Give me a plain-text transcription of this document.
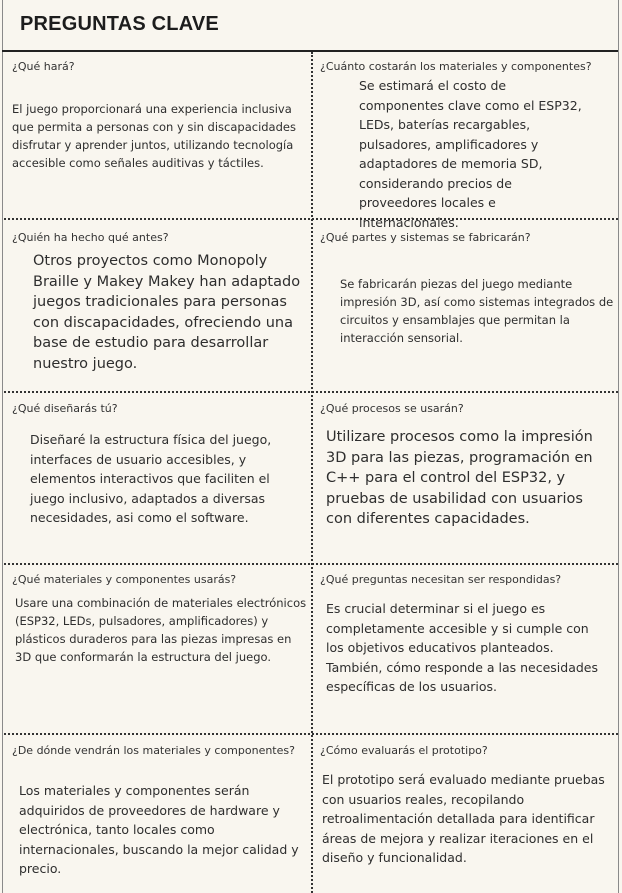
PREGUNTAS CLAVE

¿Qué hará?

El juego proporcionará una experiencia inclusiva que permita a personas con y sin discapacidades disfrutar y aprender juntos, utilizando tecnología accesible como señales auditivas y táctiles.

¿Cuánto costarán los materiales y componentes?

Se estimará el costo de componentes clave como el ESP32, LEDs, baterías recargables, pulsadores, amplificadores y adaptadores de memoria SD, considerando precios de proveedores locales e internacionales.

¿Quién ha hecho qué antes?

Otros proyectos como Monopoly Braille y Makey Makey han adaptado juegos tradicionales para personas con discapacidades, ofreciendo una base de estudio para desarrollar nuestro juego.

¿Qué partes y sistemas se fabricarán?

Se fabricarán piezas del juego mediante impresión 3D, así como sistemas integrados de circuitos y ensamblajes que permitan la interacción sensorial.

¿Qué diseñarás tú?

Diseñaré la estructura física del juego, interfaces de usuario accesibles, y elementos interactivos que faciliten el juego inclusivo, adaptados a diversas necesidades, asi como el software.

¿Qué procesos se usarán?

Utilizare procesos como la impresión 3D para las piezas, programación en C++ para el control del ESP32, y pruebas de usabilidad con usuarios con diferentes capacidades.

¿Qué materiales y componentes usarás?

Usare una combinación de materiales electrónicos (ESP32, LEDs, pulsadores, amplificadores) y plásticos duraderos para las piezas impresas en 3D que conformarán la estructura del juego.

¿Qué preguntas necesitan ser respondidas?

Es crucial determinar si el juego es completamente accesible y si cumple con los objetivos educativos planteados. También, cómo responde a las necesidades específicas de los usuarios.

¿De dónde vendrán los materiales y componentes?

Los materiales y componentes serán adquiridos de proveedores de hardware y electrónica, tanto locales como internacionales, buscando la mejor calidad y precio.

¿Cómo evaluarás el prototipo?

El prototipo será evaluado mediante pruebas con usuarios reales, recopilando retroalimentación detallada para identificar áreas de mejora y realizar iteraciones en el diseño y funcionalidad.
